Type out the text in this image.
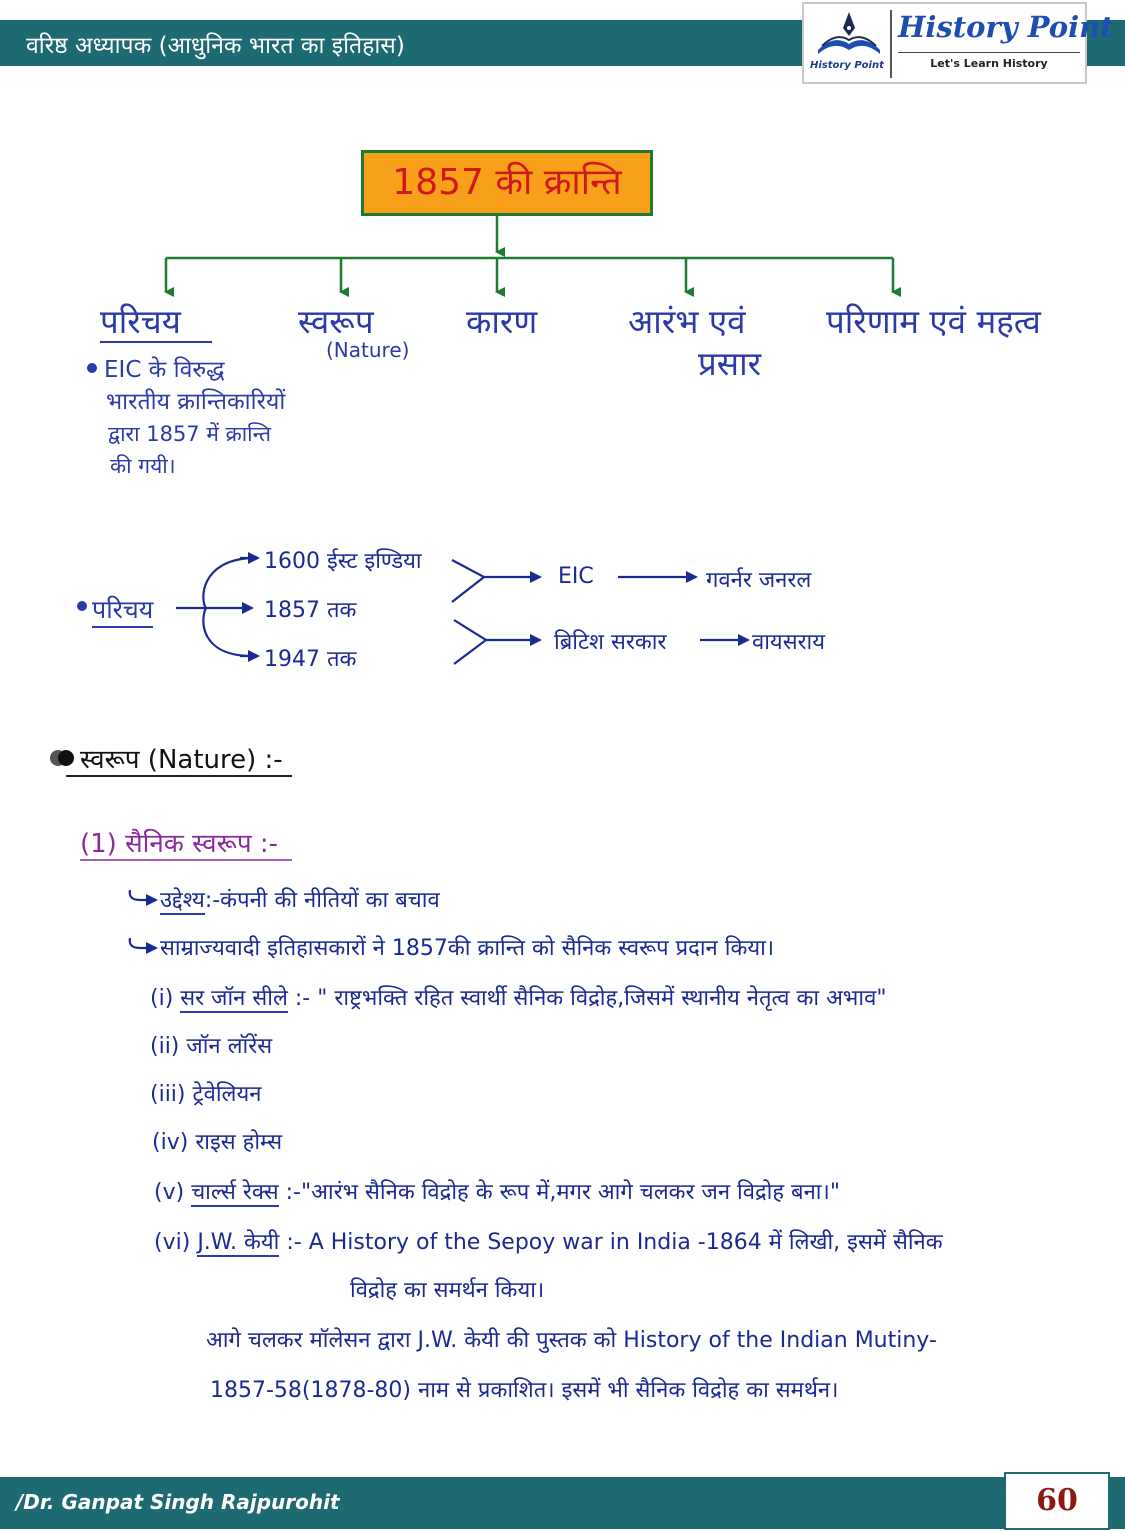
वरिष्ठ अध्यापक (आधुनिक भारत का इतिहास)
History Point
History Point
Let's Learn History
1857 की क्रान्ति
परिचय	स्वरूप
(Nature)
कारण	आरंभ एवं
प्रसार
परिणाम एवं महत्व
EIC के विरुद्ध
भारतीय क्रान्तिकारियों
द्वारा 1857 में क्रान्ति
की गयी।
परिचय
1600 ईस्ट इण्डिया
1857 तक
1947 तक
EIC	गवर्नर जनरल
ब्रिटिश सरकार	वायसराय
स्वरूप (Nature) :-
(1) सैनिक स्वरूप :-
उद्देश्य:-कंपनी की नीतियों का बचाव
साम्राज्यवादी इतिहासकारों ने 1857की क्रान्ति को सैनिक स्वरूप प्रदान किया।
(i) सर जॉन सीले :- " राष्ट्रभक्ति रहित स्वार्थी सैनिक विद्रोह,जिसमें स्थानीय नेतृत्व का अभाव"
(ii) जॉन लॉरेंस
(iii) ट्रेवेलियन
(iv) राइस होम्स
(v) चार्ल्स रेक्स :-"आरंभ सैनिक विद्रोह के रूप में,मगर आगे चलकर जन विद्रोह बना।"
(vi) J.W. केयी :- A History of the Sepoy war in India -1864 में लिखी, इसमें सैनिक
विद्रोह का समर्थन किया।
आगे चलकर मॉलेसन द्वारा J.W. केयी की पुस्तक को History of the Indian Mutiny-
1857-58(1878-80) नाम से प्रकाशित। इसमें भी सैनिक विद्रोह का समर्थन।
/Dr. Ganpat Singh Rajpurohit	60
